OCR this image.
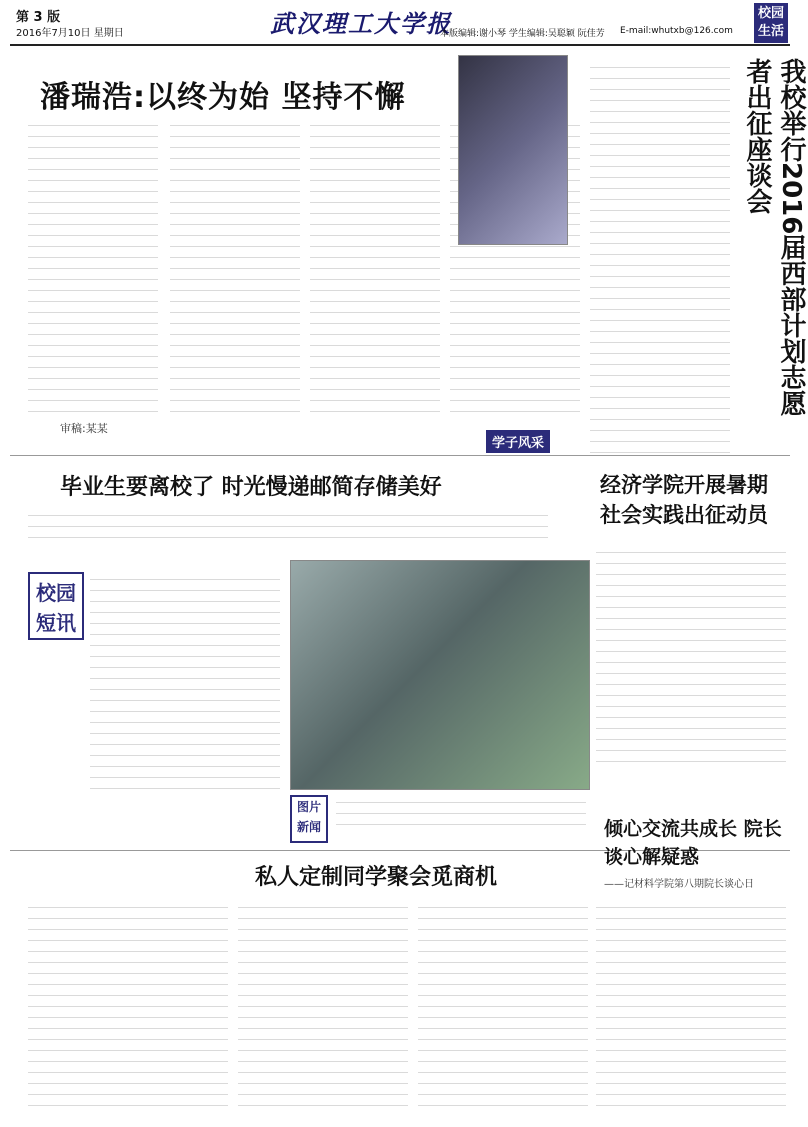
第 3 版
2016年7月10日 星期日	武汉理工大学报
本版编辑:谢小琴 学生编辑:吴聪颖 阮佳芳 E-mail:whutxb@126.com
校园生活
潘瑞浩:以终为始 坚持不懈
审稿:某某
学子风采
我校举行2016届西部计划志愿者出征座谈会
毕业生要离校了 时光慢递邮简存储美好	经济学院开展暑期社会实践出征动员
校园短讯
图片新闻
私人定制同学聚会觅商机
倾心交流共成长 院长谈心解疑惑
——记材料学院第八期院长谈心日
